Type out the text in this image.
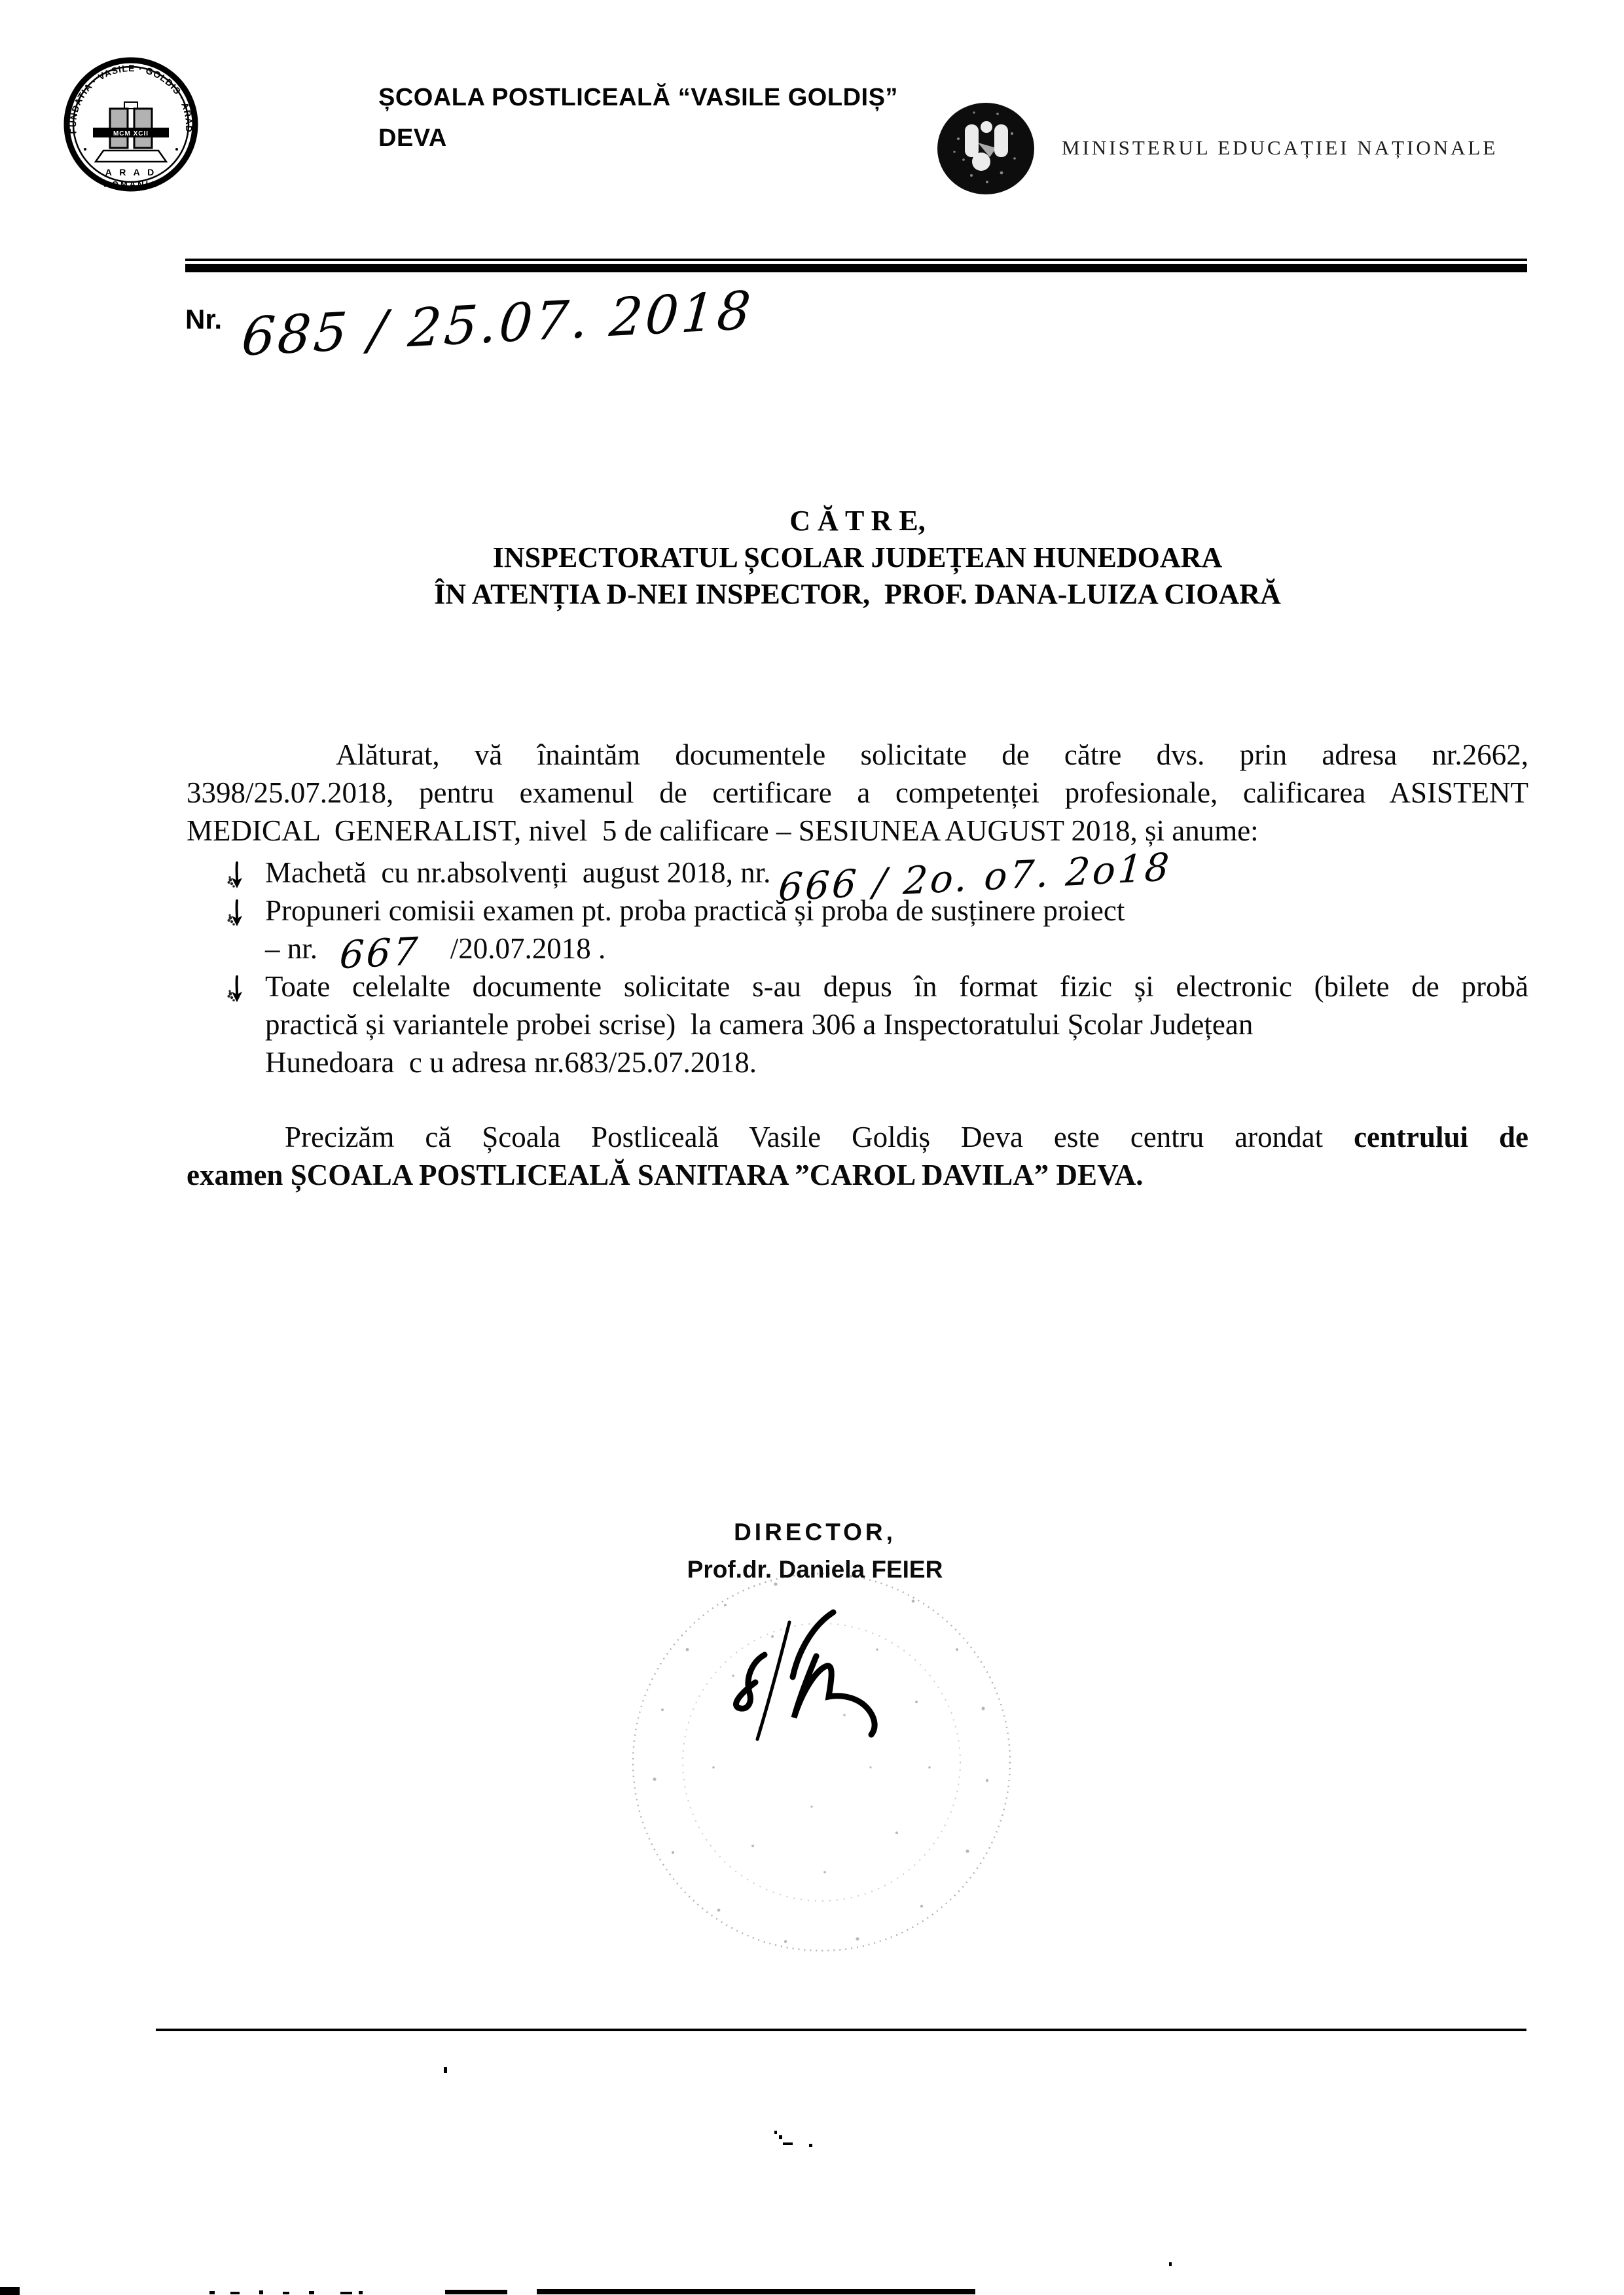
FUNDATIA · VASILE · GOLDIS · ARAD
ROMANIA
MCM XCII
A R A D
ȘCOALA POSTLICEALĂ “VASILE GOLDIȘ”
DEVA	MINISTERUL EDUCAȚIEI NAȚIONALE
Nr. 685 / 25.07. 2018
C Ă T R E,
INSPECTORATUL ȘCOLAR JUDEȚEAN HUNEDOARA
ÎN ATENȚIA D-NEI INSPECTOR,  PROF. DANA-LUIZA CIOARĂ
Alăturat, vă înaintăm documentele solicitate de către dvs. prin adresa nr.2662,
3398/25.07.2018, pentru examenul de certificare a competenței profesionale, calificarea ASISTENT
MEDICAL  GENERALIST, nivel  5 de calificare – SESIUNEA AUGUST 2018, și anume:
Machetă  cu nr.absolvenți  august 2018, nr. 666 / 2o. o7. 2o18
Propuneri comisii examen pt. proba practică și proba de susținere proiect
– nr. 667 /20.07.2018 .
Toate celelalte documente solicitate s-au depus în format fizic și electronic (bilete de probă
practică și variantele probei scrise)  la camera 306 a Inspectoratului Școlar Județean
Hunedoara  c u adresa nr.683/25.07.2018.
Precizăm că Școala Postliceală Vasile Goldiș Deva este centru arondat centrului de
examen ȘCOALA POSTLICEALĂ SANITARA ”CAROL DAVILA” DEVA.
DIRECTOR,
Prof.dr. Daniela FEIER
